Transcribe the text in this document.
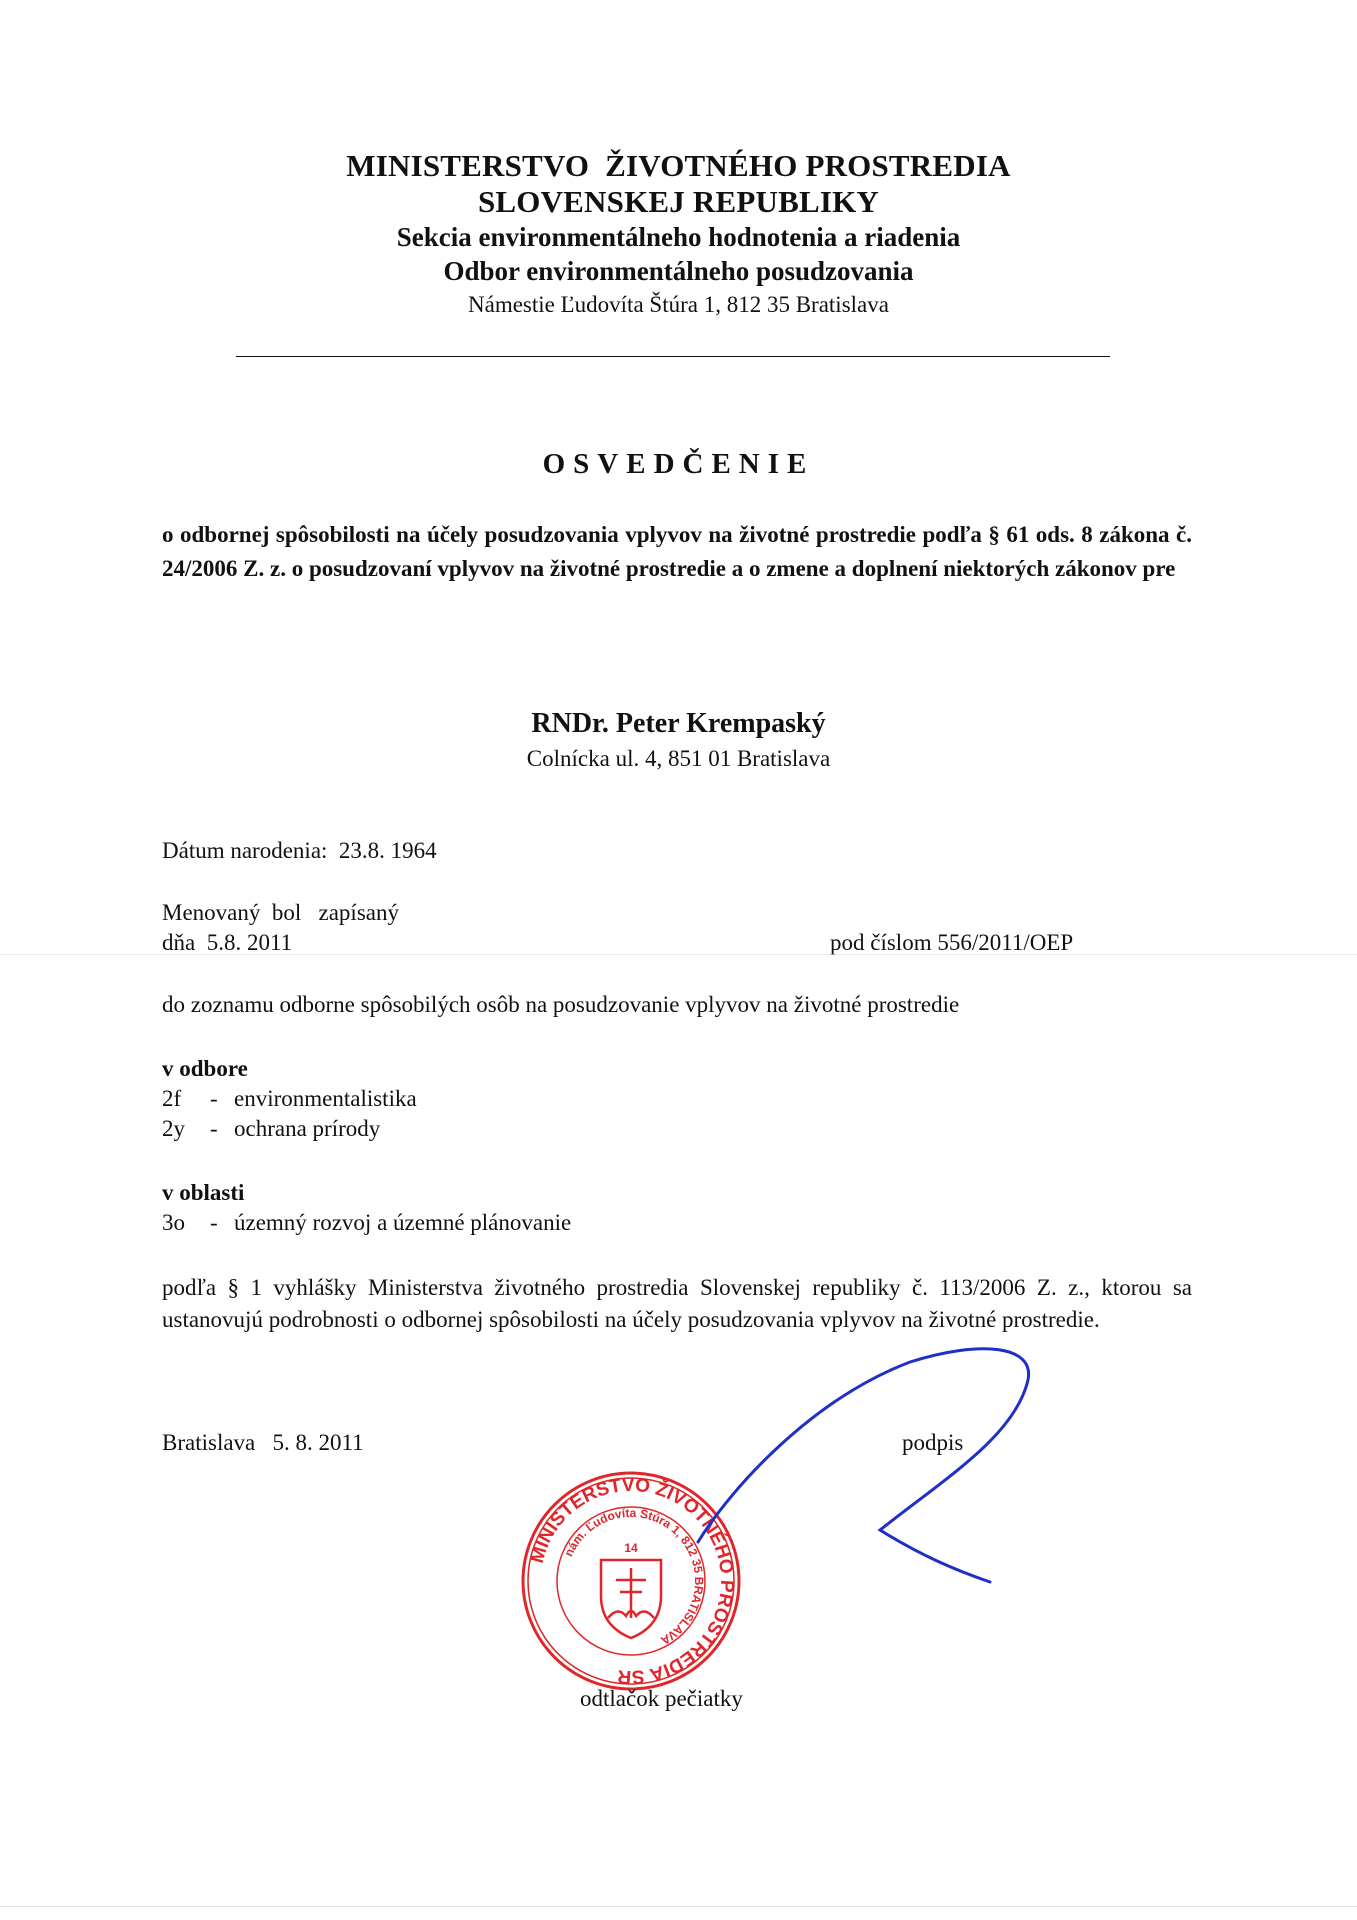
MINISTERSTVO  ŽIVOTNÉHO PROSTREDIA
SLOVENSKEJ REPUBLIKY
Sekcia environmentálneho hodnotenia a riadenia
Odbor environmentálneho posudzovania
Námestie Ľudovíta Štúra 1, 812 35 Bratislava
OSVEDČENIE
o odbornej spôsobilosti na účely posudzovania vplyvov na životné prostredie podľa § 61 ods. 8 zákona č. 24/2006 Z. z. o posudzovaní vplyvov na životné prostredie a o zmene a doplnení niektorých zákonov pre
RNDr. Peter Krempaský
Colnícka ul. 4, 851 01 Bratislava
Dátum narodenia:  23.8. 1964
Menovaný  bol   zapísaný
dňa  5.8. 2011	pod číslom 556/2011/OEP
do zoznamu odborne spôsobilých osôb na posudzovanie vplyvov na životné prostredie
v odbore
2f - environmentalistika
2y - ochrana prírody
v oblasti
3o - územný rozvoj a územné plánovanie
podľa § 1 vyhlášky Ministerstva životného prostredia Slovenskej republiky č. 113/2006 Z. z., ktorou sa ustanovujú podrobnosti o odbornej spôsobilosti na účely posudzovania vplyvov na životné prostredie.
Bratislava   5. 8. 2011	podpis
MINISTERSTVO ŽIVOTNÉHO PROSTREDIA SR
nám. Ľudovíta Štúra 1, 812 35 BRATISLAVA
14
odtlačok pečiatky
